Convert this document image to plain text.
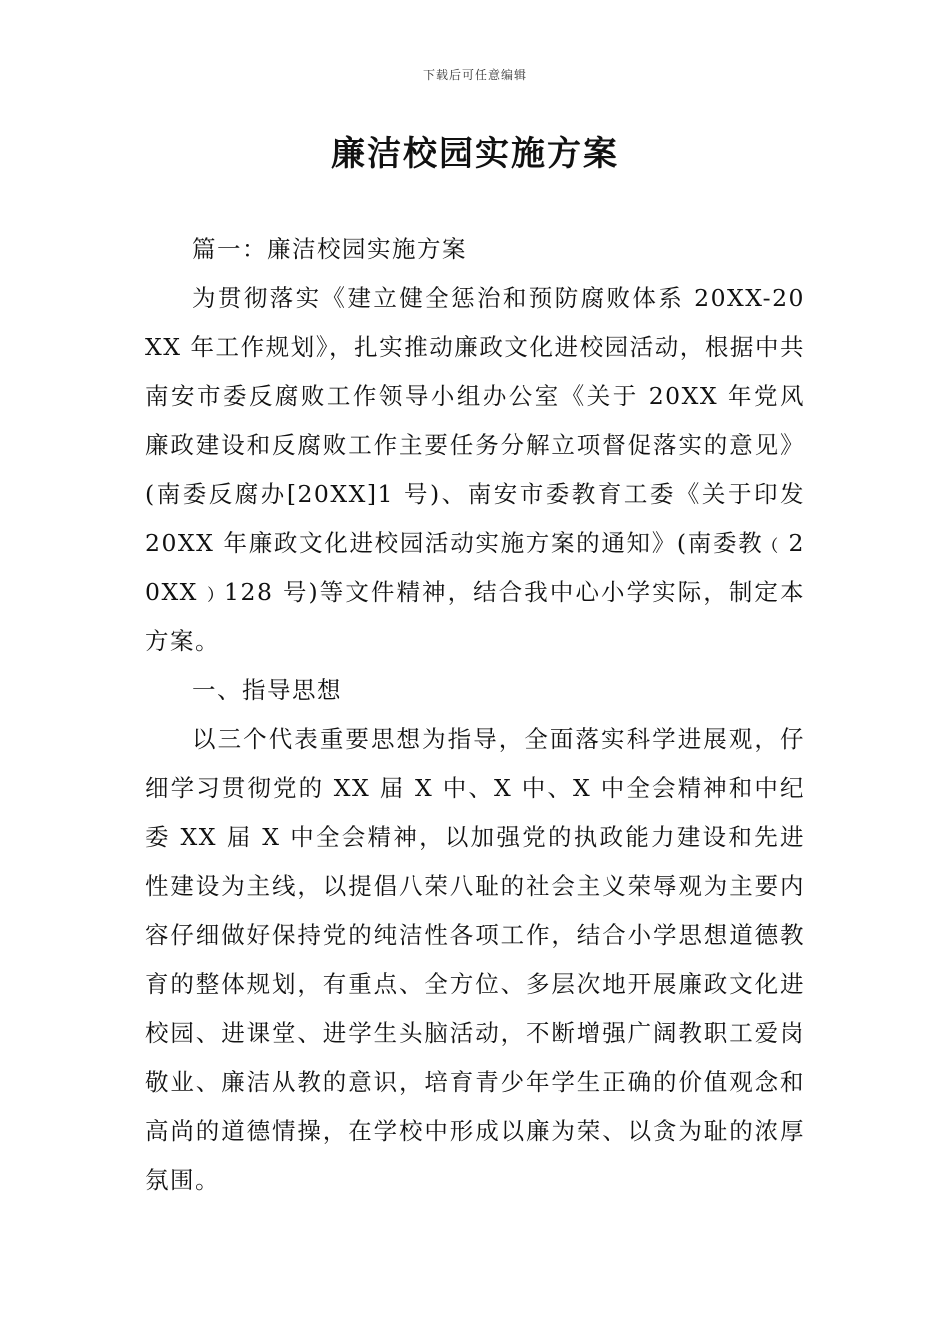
下载后可任意编辑
廉洁校园实施方案

篇一：廉洁校园实施方案

为贯彻落实《建立健全惩治和预防腐败体系 20XX-20XX 年工作规划》，扎实推动廉政文化进校园活动，根据中共南安市委反腐败工作领导小组办公室《关于 20XX 年党风廉政建设和反腐败工作主要任务分解立项督促落实的意见》(南委反腐办[20XX]1 号)、南安市委教育工委《关于印发 20XX 年廉政文化进校园活动实施方案的通知》(南委教﹙20XX﹚128 号)等文件精神，结合我中心小学实际，制定本方案。

一、指导思想

以三个代表重要思想为指导，全面落实科学进展观，仔细学习贯彻党的 XX 届 X 中、X 中、X 中全会精神和中纪委 XX 届 X 中全会精神，以加强党的执政能力建设和先进性建设为主线，以提倡八荣八耻的社会主义荣辱观为主要内容仔细做好保持党的纯洁性各项工作，结合小学思想道德教育的整体规划，有重点、全方位、多层次地开展廉政文化进校园、进课堂、进学生头脑活动，不断增强广阔教职工爱岗敬业、廉洁从教的意识，培育青少年学生正确的价值观念和高尚的道德情操，在学校中形成以廉为荣、以贪为耻的浓厚氛围。
